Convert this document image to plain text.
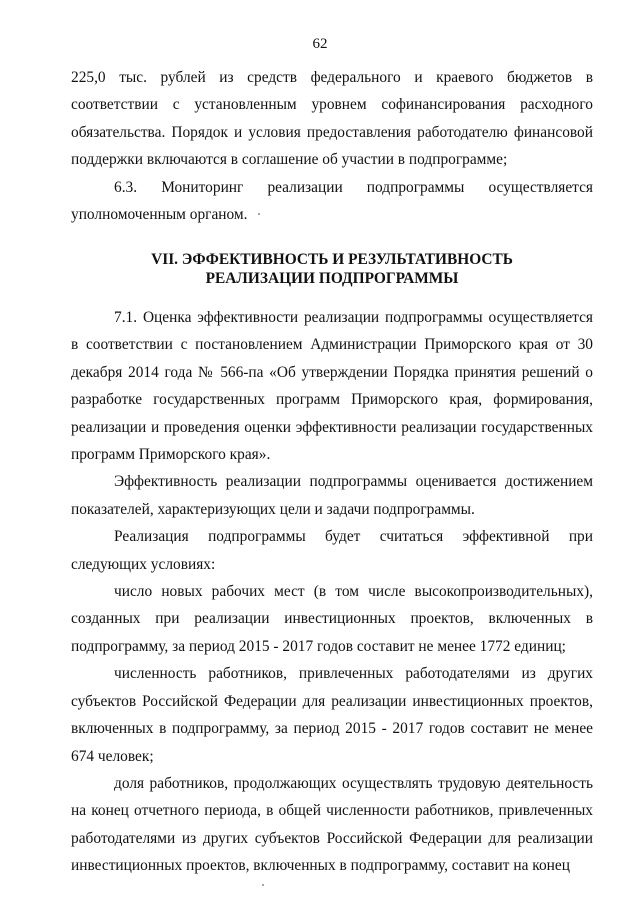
62

225,0 тыс. рублей из средств федерального и краевого бюджетов в соответствии с установленным уровнем софинансирования расходного обязательства. Порядок и условия предоставления работодателю финансовой поддержки включаются в соглашение об участии в подпрограмме;

6.3. Мониторинг реализации подпрограммы осуществляется уполномоченным органом.

VII. ЭФФЕКТИВНОСТЬ И РЕЗУЛЬТАТИВНОСТЬ
РЕАЛИЗАЦИИ ПОДПРОГРАММЫ

7.1. Оценка эффективности реализации подпрограммы осуществляется в соответствии с постановлением Администрации Приморского края от 30 декабря 2014 года № 566-па «Об утверждении Порядка принятия решений о разработке государственных программ Приморского края, формирования, реализации и проведения оценки эффективности реализации государственных программ Приморского края».

Эффективность реализации подпрограммы оценивается достижением показателей, характеризующих цели и задачи подпрограммы.

Реализация подпрограммы будет считаться эффективной при следующих условиях:

число новых рабочих мест (в том числе высокопроизводительных), созданных при реализации инвестиционных проектов, включенных в подпрограмму, за период 2015 - 2017 годов составит не менее 1772 единиц;

численность работников, привлеченных работодателями из других субъектов Российской Федерации для реализации инвестиционных проектов, включенных в подпрограмму, за период 2015 - 2017 годов составит не менее 674 человек;

доля работников, продолжающих осуществлять трудовую деятельность на конец отчетного периода, в общей численности работников, привлеченных работодателями из других субъектов Российской Федерации для реализации инвестиционных проектов, включенных в подпрограмму, составит на конец
